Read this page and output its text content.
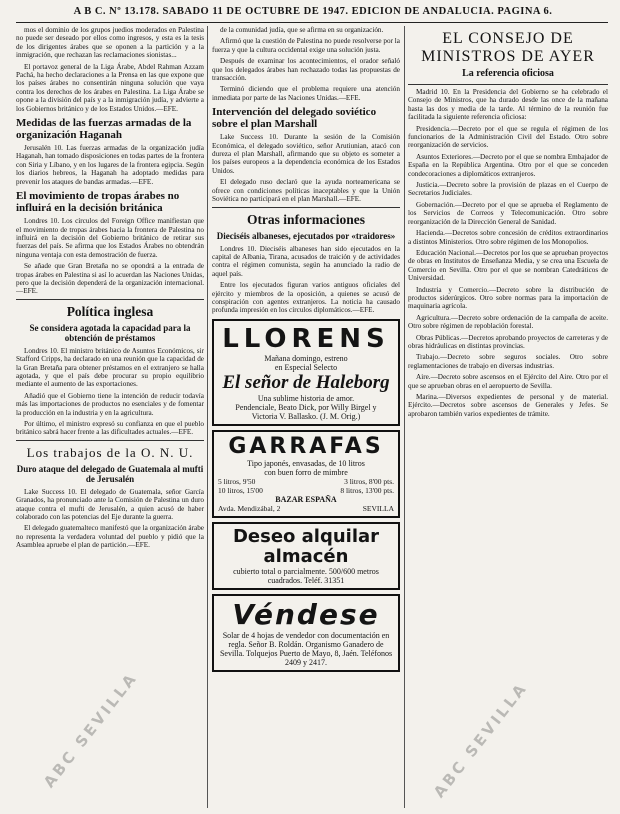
A B C. Nº 13.178. SABADO 11 DE OCTUBRE DE 1947. EDICION DE ANDALUCIA. PAGINA 6.

mos el dominio de los grupos juedios moderados en Palestina no puede ser deseado por ellos como ingresos, y esta es la tesis de los dirigentes árabes que se oponen a la partición y a la inmigración, que rechazan las reclamaciones sionistas...

El portavoz general de la Liga Árabe, Abdel Rahman Azzam Pachá, ha hecho declaraciones a la Prensa en las que expone que los países árabes no consentirán ninguna solución que vaya contra los derechos de los árabes en Palestina. La Liga Árabe se opone a la división del país y a la inmigración judía, y advierte a los Gobiernos británico y de los Estados Unidos.—EFE.

Medidas de las fuerzas armadas de la organización Haganah

Jerusalén 10. Las fuerzas armadas de la organización judía Haganah, han tomado disposiciones en todas partes de la frontera con Siria y Líbano, y en los lugares de la frontera egipcia. Según los diarios hebreos, la Haganah ha adoptado medidas para prevenir los ataques de bandas armadas.—EFE.

El movimiento de tropas árabes no influirá en la decisión británica

Londres 10. Los círculos del Foreign Office manifiestan que el movimiento de tropas árabes hacia la frontera de Palestina no influirá en la decisión del Gobierno británico de retirar sus fuerzas del país. Se afirma que los Estados Árabes no obtendrán ninguna ventaja con esta demostración de fuerza.

Se añade que Gran Bretaña no se opondrá a la entrada de tropas árabes en Palestina si así lo acuerdan las Naciones Unidas, pero que la decisión dependerá de la organización internacional.—EFE.

Política inglesa
Se considera agotada la capacidad para la obtención de préstamos

Londres 10. El ministro británico de Asuntos Económicos, sir Stafford Cripps, ha declarado en una reunión que la capacidad de la Gran Bretaña para obtener préstamos en el extranjero se halla agotada, y que el país debe procurar su propio equilibrio mediante el aumento de las exportaciones.

Añadió que el Gobierno tiene la intención de reducir todavía más las importaciones de productos no esenciales y de fomentar la producción en la industria y en la agricultura.

Por último, el ministro expresó su confianza en que el pueblo británico sabrá hacer frente a las dificultades actuales.—EFE.

Los trabajos de la O. N. U.
Duro ataque del delegado de Guatemala al mufti de Jerusalén

Lake Success 10. El delegado de Guatemala, señor García Granados, ha pronunciado ante la Comisión de Palestina un duro ataque contra el mufti de Jerusalén, a quien acusó de haber colaborado con las potencias del Eje durante la guerra.

El delegado guatemalteco manifestó que la organización árabe no representa la verdadera voluntad del pueblo y pidió que la Asamblea apruebe el plan de partición.—EFE.

de la comunidad judía, que se afirma en su organización.

Afirmó que la cuestión de Palestina no puede resolverse por la fuerza y que la cultura occidental exige una solución justa.

Después de examinar los acontecimientos, el orador señaló que los delegados árabes han rechazado todas las propuestas de transacción.

Terminó diciendo que el problema requiere una atención inmediata por parte de las Naciones Unidas.—EFE.

Intervención del delegado soviético sobre el plan Marshall

Lake Success 10. Durante la sesión de la Comisión Económica, el delegado soviético, señor Arutiunian, atacó con dureza el plan Marshall, afirmando que su objeto es someter a los países europeos a la dependencia económica de los Estados Unidos.

El delegado ruso declaró que la ayuda norteamericana se ofrece con condiciones políticas inaceptables y que la Unión Soviética no participará en el plan Marshall.—EFE.

Otras informaciones
Dieciséis albaneses, ejecutados por «traidores»

Londres 10. Dieciséis albaneses han sido ejecutados en la capital de Albania, Tirana, acusados de traición y de actividades contra el régimen comunista, según ha anunciado la radio de aquel país.

Entre los ejecutados figuran varios antiguos oficiales del ejército y miembros de la oposición, a quienes se acusó de conspiración con agentes extranjeros. La noticia ha causado profunda impresión en los círculos diplomáticos.—EFE.

LLORENS
Mañana domingo, estreno
en Especial Selecto
El señor de Haleborg
Una sublime historia de amor.
Pendenciale, Beato Dick, por Willy Birgel y
Victoria V. Ballasko. (J. M. Orig.)
GARRAFAS
Tipo japonés, envasadas, de 10 litros
con buen forro de mimbre
5 litros, 9'50	3 litros, 8'00 pts.
10 litros, 15'00	8 litros, 13'00 pts.
BAZAR ESPAÑA
Avda. Mendizábal, 2	SEVILLA
Deseo alquilar almacén
cubierto total o parcialmente. 500/600 metros cuadrados. Teléf. 31351
Véndese
Solar de 4 hojas de vendedor con documentación en regla. Señor B. Roldán. Organismo Ganadero de Sevilla. Tolquejos Puerto de Mayo, 8, Jaén. Teléfonos 2409 y 2417.
EL CONSEJO DE MINISTROS DE AYER
La referencia oficiosa

Madrid 10. En la Presidencia del Gobierno se ha celebrado el Consejo de Ministros, que ha durado desde las once de la mañana hasta las dos y media de la tarde. Al término de la reunión fue facilitada la siguiente referencia oficiosa:

Presidencia.—Decreto por el que se regula el régimen de los funcionarios de la Administración Civil del Estado. Otro sobre reorganización de servicios.

Asuntos Exteriores.—Decreto por el que se nombra Embajador de España en la República Argentina. Otro por el que se conceden condecoraciones a diplomáticos extranjeros.

Justicia.—Decreto sobre la provisión de plazas en el Cuerpo de Secretarios Judiciales.

Gobernación.—Decreto por el que se aprueba el Reglamento de los Servicios de Correos y Telecomunicación. Otro sobre reorganización de la Dirección General de Sanidad.

Hacienda.—Decretos sobre concesión de créditos extraordinarios a distintos Ministerios. Otro sobre régimen de los Monopolios.

Educación Nacional.—Decretos por los que se aprueban proyectos de obras en Institutos de Enseñanza Media, y se crea una Escuela de Comercio en Sevilla. Otro por el que se nombran Catedráticos de Universidad.

Industria y Comercio.—Decreto sobre la distribución de productos siderúrgicos. Otro sobre normas para la importación de maquinaria agrícola.

Agricultura.—Decreto sobre ordenación de la campaña de aceite. Otro sobre régimen de repoblación forestal.

Obras Públicas.—Decretos aprobando proyectos de carreteras y de obras hidráulicas en distintas provincias.

Trabajo.—Decreto sobre seguros sociales. Otro sobre reglamentaciones de trabajo en diversas industrias.

Aire.—Decreto sobre ascensos en el Ejército del Aire. Otro por el que se aprueban obras en el aeropuerto de Sevilla.

Marina.—Diversos expedientes de personal y de material. Ejército.—Decretos sobre ascensos de Generales y Jefes. Se aprobaron también varios expedientes de trámite.

ABC SEVILLA	ABC SEVILLA
